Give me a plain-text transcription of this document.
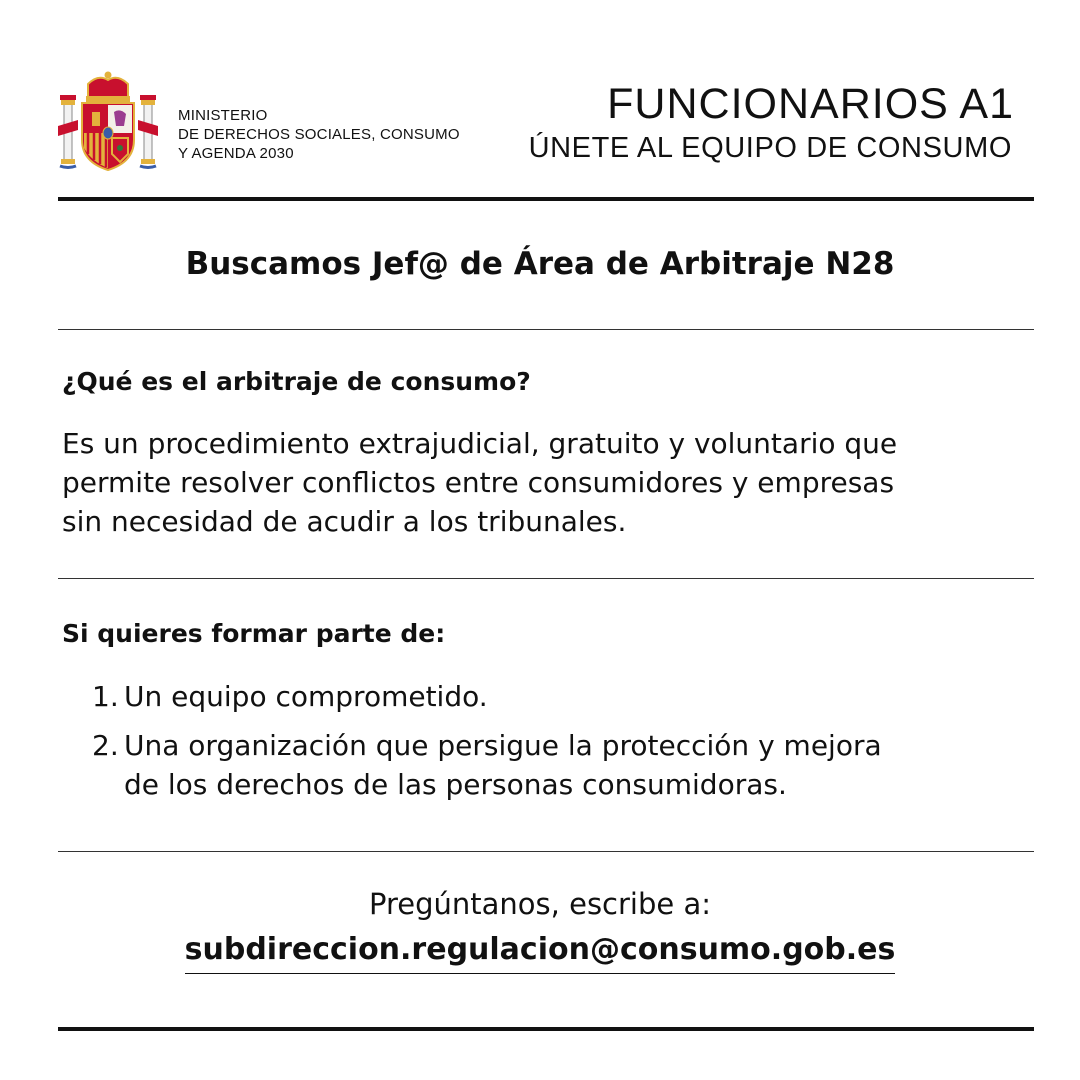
MINISTERIO
DE DERECHOS SOCIALES, CONSUMO
Y AGENDA 2030
FUNCIONARIOS A1
ÚNETE AL EQUIPO DE CONSUMO
Buscamos Jef@ de Área de Arbitraje N28
¿Qué es el arbitraje de consumo?
Es un procedimiento extrajudicial, gratuito y voluntario que
permite resolver conflictos entre consumidores y empresas
sin necesidad de acudir a los tribunales.
Si quieres formar parte de:
1. Un equipo comprometido.
2. Una organización que persigue la protección y mejora
de los derechos de las personas consumidoras.
Pregúntanos, escribe a:
subdireccion.regulacion@consumo.gob.es
